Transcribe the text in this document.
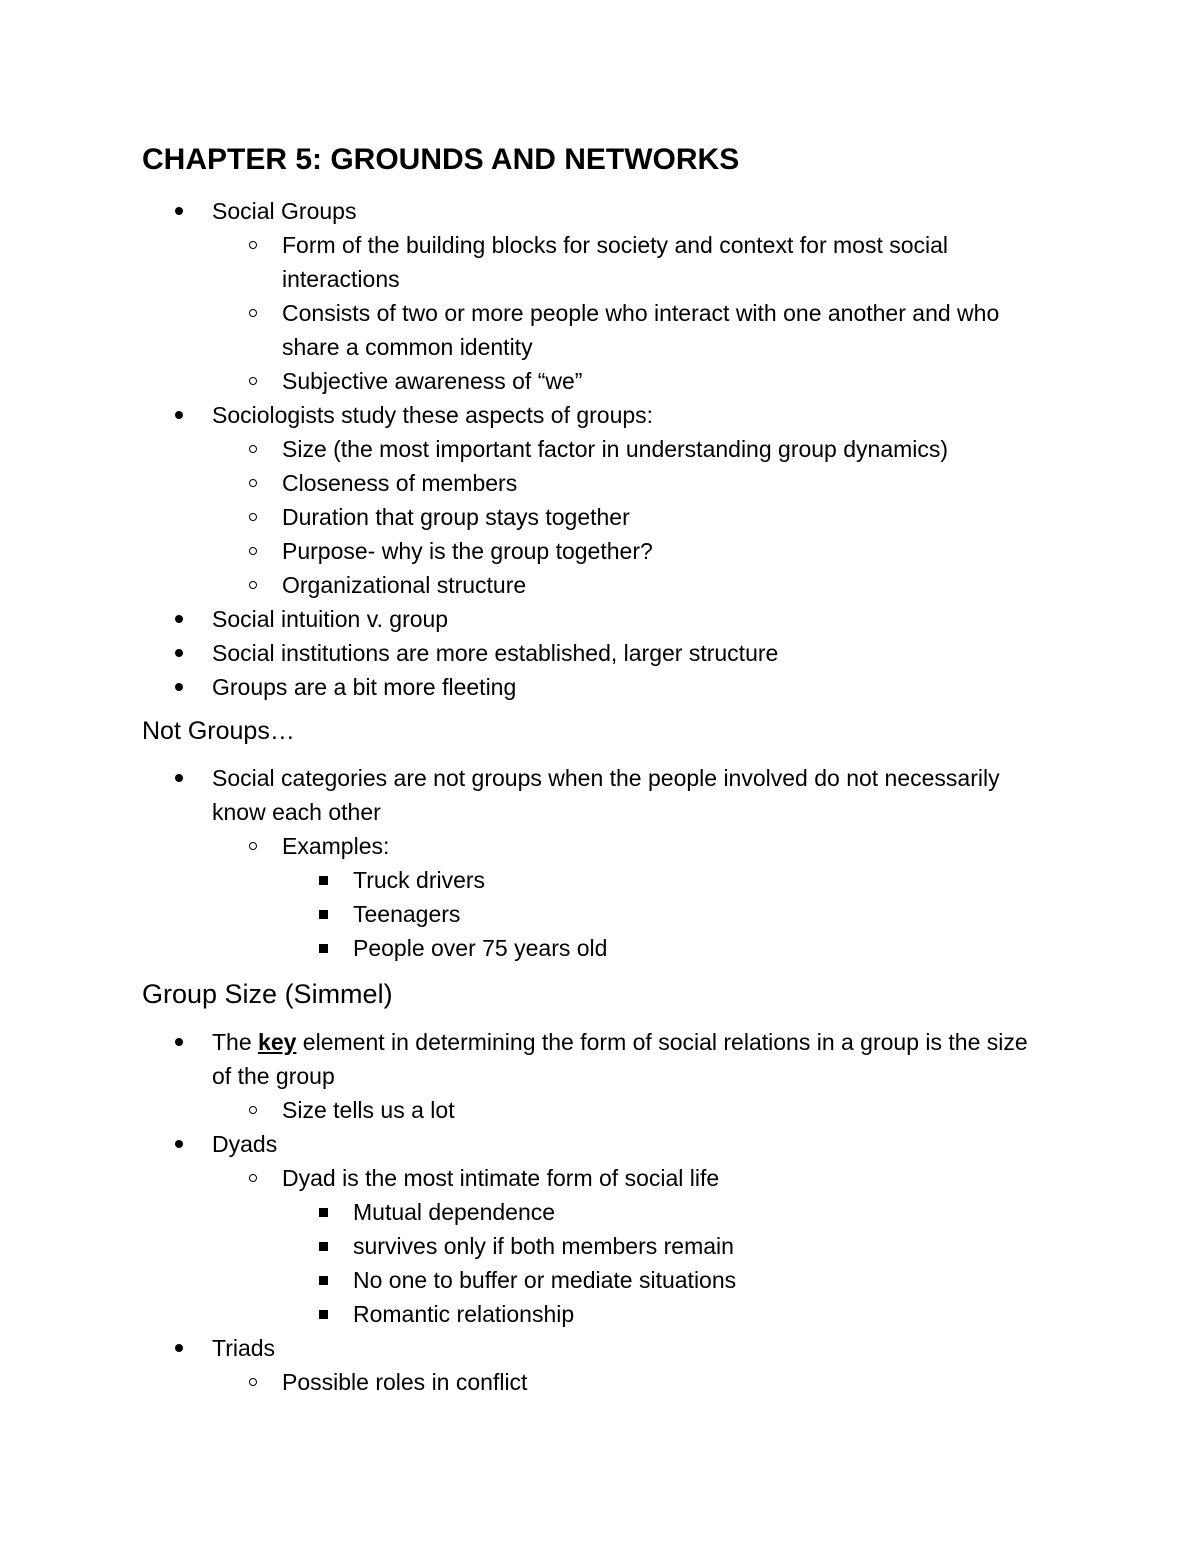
CHAPTER 5: GROUNDS AND NETWORKS
Social Groups
Form of the building blocks for society and context for most social interactions
Consists of two or more people who interact with one another and who share a common identity
Subjective awareness of “we”
Sociologists study these aspects of groups:
Size (the most important factor in understanding group dynamics)
Closeness of members
Duration that group stays together
Purpose- why is the group together?
Organizational structure
Social intuition v. group
Social institutions are more established, larger structure
Groups are a bit more fleeting
Not Groups…
Social categories are not groups when the people involved do not necessarily know each other
Examples:
Truck drivers
Teenagers
People over 75 years old
Group Size (Simmel)
The key element in determining the form of social relations in a group is the size of the group
Size tells us a lot
Dyads
Dyad is the most intimate form of social life
Mutual dependence
survives only if both members remain
No one to buffer or mediate situations
Romantic relationship
Triads
Possible roles in conflict
